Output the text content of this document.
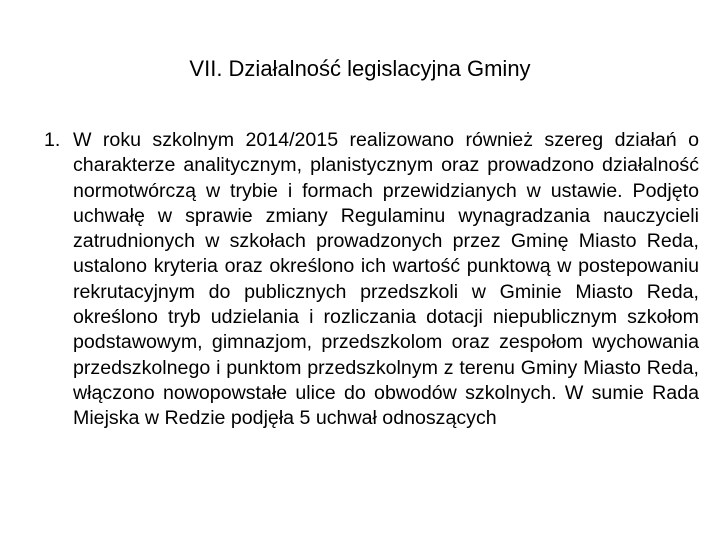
VII. Działalność legislacyjna Gminy
1. W roku szkolnym 2014/2015 realizowano również szereg działań o charakterze analitycznym, planistycznym oraz prowadzono działalność normotwórczą w trybie i formach przewidzianych w ustawie. Podjęto uchwałę w sprawie zmiany Regulaminu wynagradzania nauczycieli zatrudnionych w szkołach prowadzonych przez Gminę Miasto Reda, ustalono kryteria oraz określono ich wartość punktową w postepowaniu rekrutacyjnym do publicznych przedszkoli w Gminie Miasto Reda, określono tryb udzielania i rozliczania dotacji niepublicznym szkołom podstawowym, gimnazjom, przedszkolom oraz zespołom wychowania przedszkolnego i punktom przedszkolnym z terenu Gminy Miasto Reda, włączono nowopowstałe ulice do obwodów szkolnych. W sumie Rada Miejska w Redzie podjęła 5 uchwał odnoszących
